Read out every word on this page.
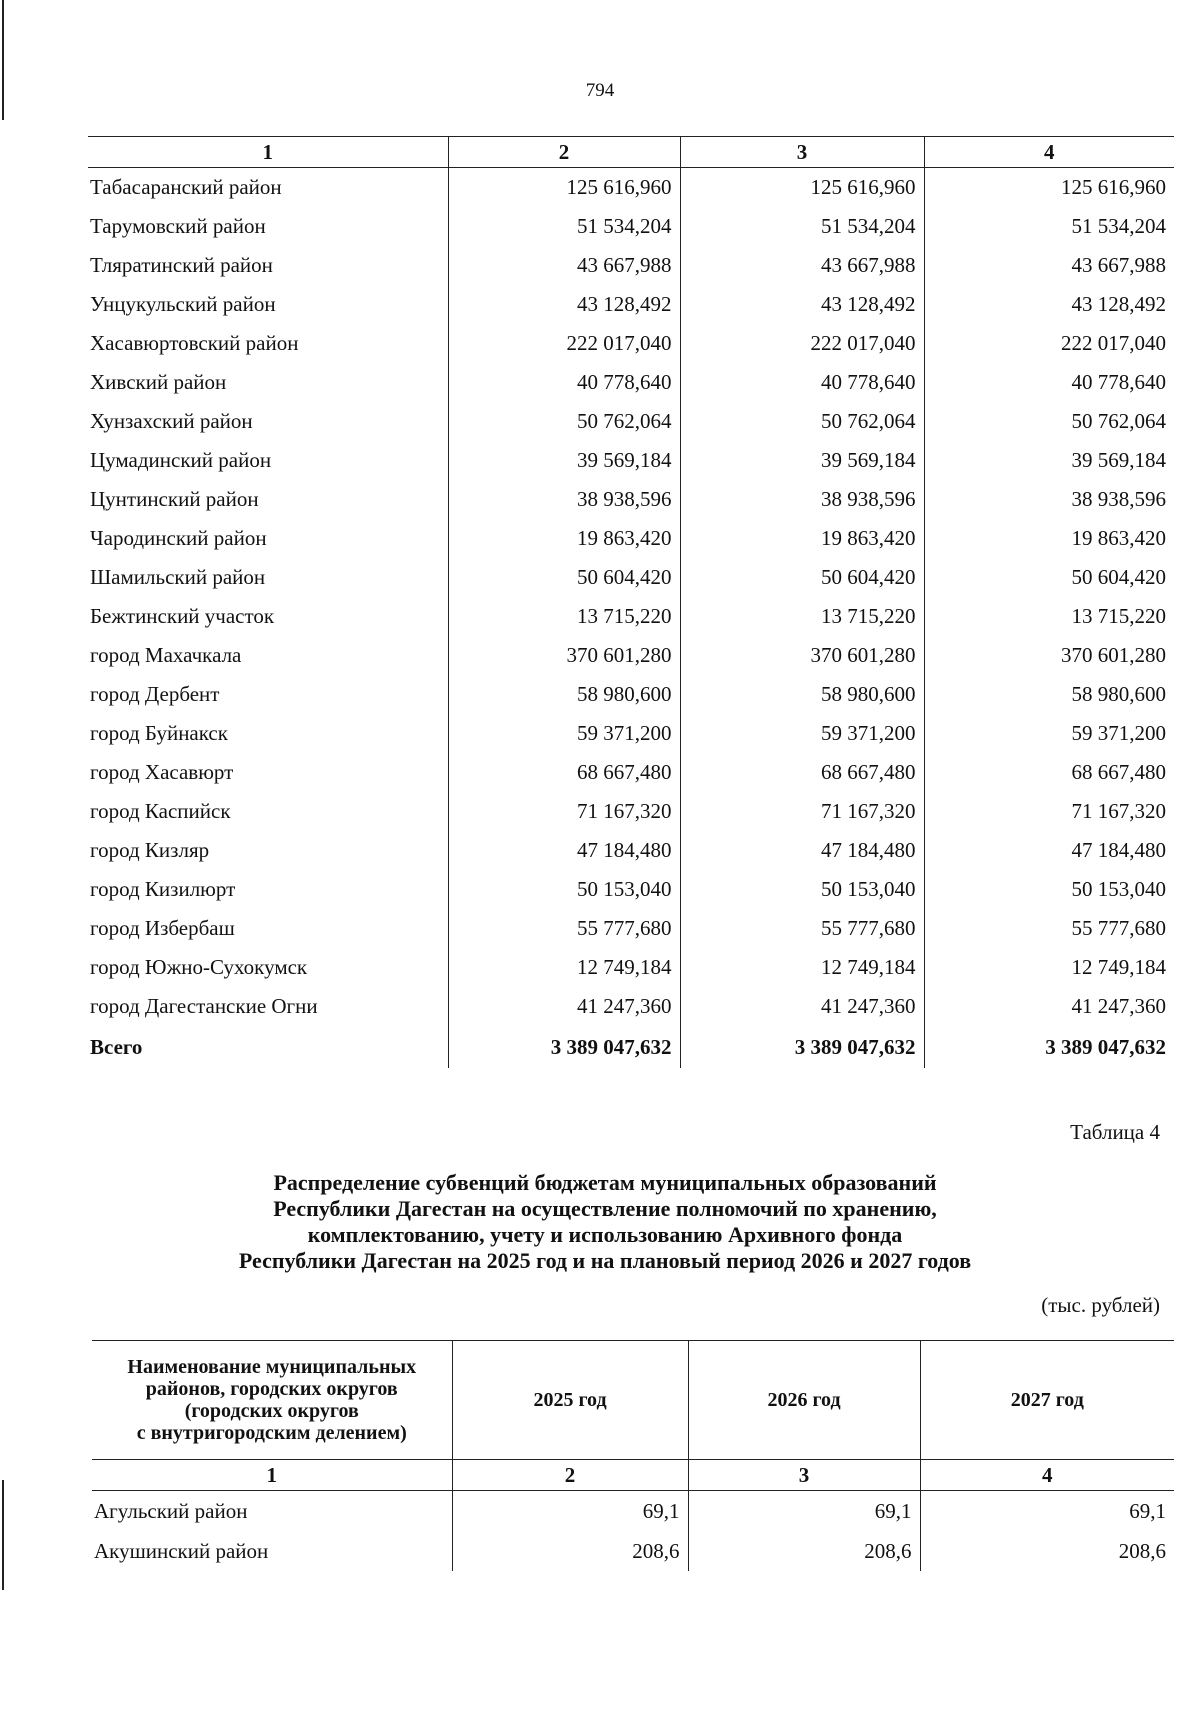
794
1	2	3	4
Табасаранский район	125 616,960	125 616,960	125 616,960
Тарумовский район	51 534,204	51 534,204	51 534,204
Тляратинский район	43 667,988	43 667,988	43 667,988
Унцукульский район	43 128,492	43 128,492	43 128,492
Хасавюртовский район	222 017,040	222 017,040	222 017,040
Хивский район	40 778,640	40 778,640	40 778,640
Хунзахский район	50 762,064	50 762,064	50 762,064
Цумадинский район	39 569,184	39 569,184	39 569,184
Цунтинский район	38 938,596	38 938,596	38 938,596
Чародинский район	19 863,420	19 863,420	19 863,420
Шамильский район	50 604,420	50 604,420	50 604,420
Бежтинский участок	13 715,220	13 715,220	13 715,220
город Махачкала	370 601,280	370 601,280	370 601,280
город Дербент	58 980,600	58 980,600	58 980,600
город Буйнакск	59 371,200	59 371,200	59 371,200
город Хасавюрт	68 667,480	68 667,480	68 667,480
город Каспийск	71 167,320	71 167,320	71 167,320
город Кизляр	47 184,480	47 184,480	47 184,480
город Кизилюрт	50 153,040	50 153,040	50 153,040
город Избербаш	55 777,680	55 777,680	55 777,680
город Южно-Сухокумск	12 749,184	12 749,184	12 749,184
город Дагестанские Огни	41 247,360	41 247,360	41 247,360
Всего	3 389 047,632	3 389 047,632	3 389 047,632
Таблица 4
Распределение субвенций бюджетам муниципальных образований
Республики Дагестан на осуществление полномочий по хранению,
комплектованию, учету и использованию Архивного фонда
Республики Дагестан на 2025 год и на плановый период 2026 и 2027 годов
(тыс. рублей)
Наименование муниципальных
районов, городских округов
(городских округов
с внутригородским делением)	2025 год	2026 год	2027 год
1	2	3	4
Агульский район	69,1	69,1	69,1
Акушинский район	208,6	208,6	208,6
